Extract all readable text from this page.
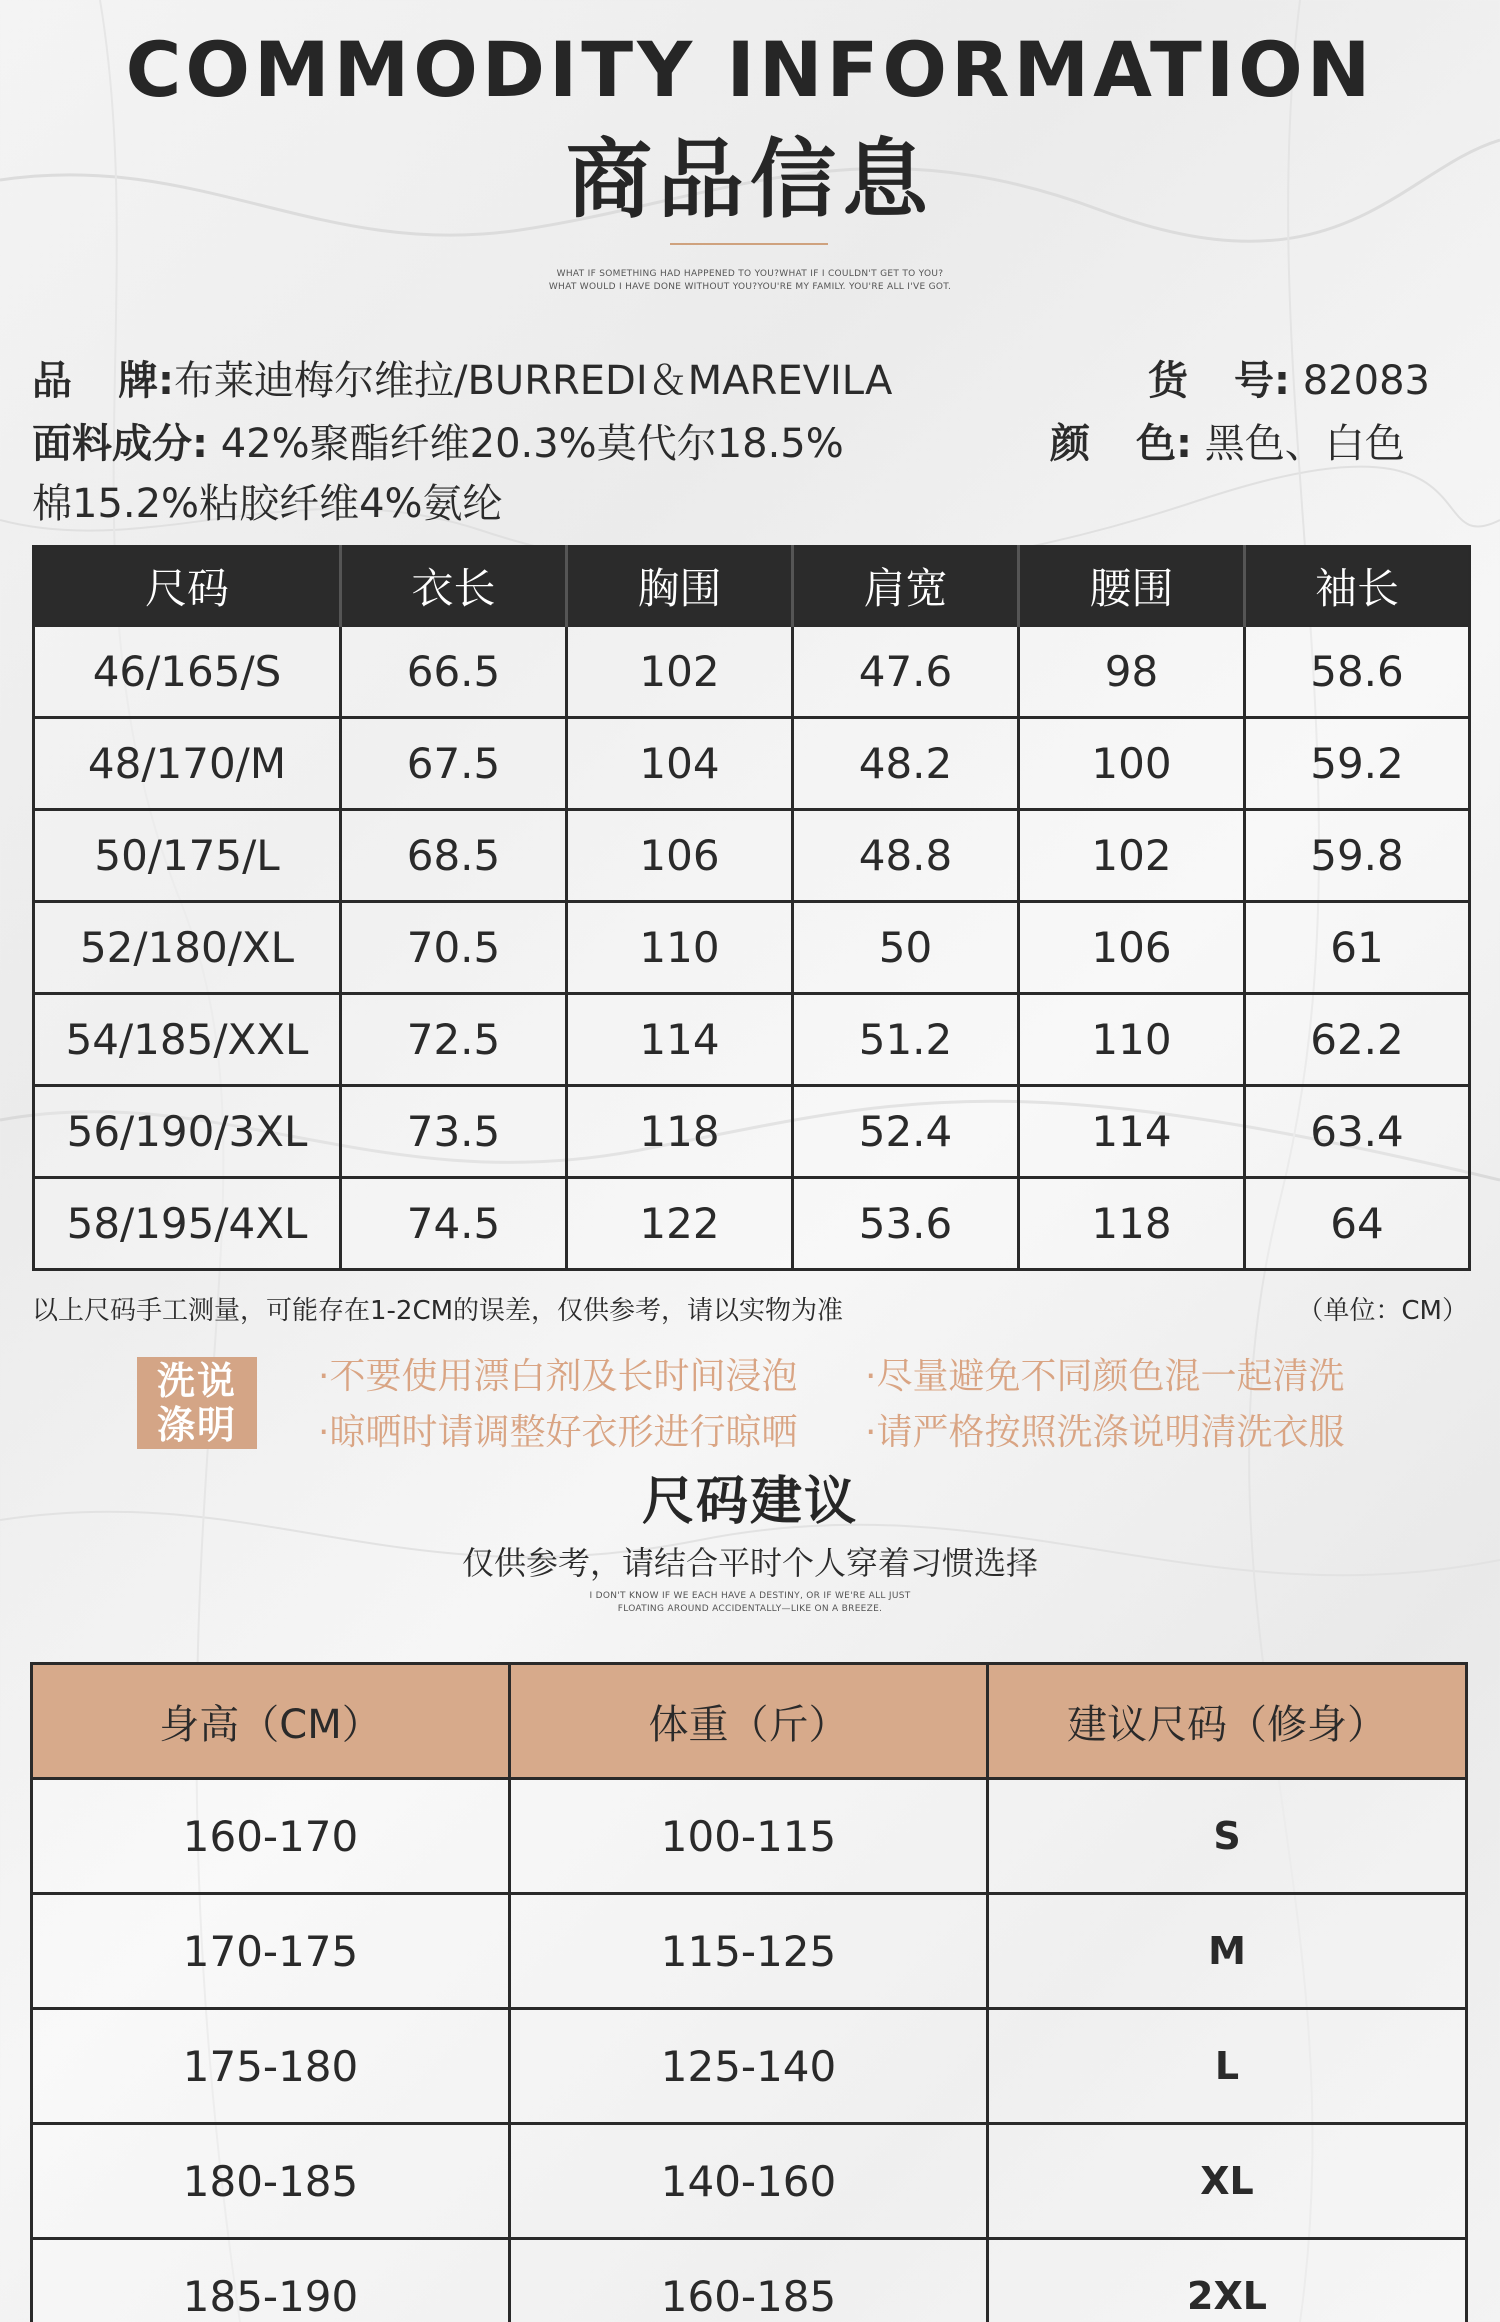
COMMODITY INFORMATION
商品信息
WHAT IF SOMETHING HAD HAPPENED TO YOU?WHAT IF I COULDN'T GET TO YOU?
WHAT WOULD I HAVE DONE WITHOUT YOU?YOU'RE MY FAMILY. YOU'RE ALL I'VE GOT.
品 牌:布莱迪梅尔维拉/BURREDI＆MAREVILA	货 号: 82083
面料成分: 42%聚酯纤维20.3%莫代尔18.5%
棉15.2%粘胶纤维4%氨纶
颜 色: 黑色、白色
尺码	衣长	胸围	肩宽	腰围	袖长
46/165/S	66.5	102	47.6	98	58.6
48/170/M	67.5	104	48.2	100	59.2
50/175/L	68.5	106	48.8	102	59.8
52/180/XL	70.5	110	50	106	61
54/185/XXL	72.5	114	51.2	110	62.2
56/190/3XL	73.5	118	52.4	114	63.4
58/195/4XL	74.5	122	53.6	118	64
以上尺码手工测量，可能存在1-2CM的误差，仅供参考，请以实物为准	（单位：CM）
洗说
涤明
·不要使用漂白剂及长时间浸泡 ·尽量避免不同颜色混一起清洗
·晾晒时请调整好衣形进行晾晒 ·请严格按照洗涤说明清洗衣服
尺码建议
仅供参考，请结合平时个人穿着习惯选择
I DON'T KNOW IF WE EACH HAVE A DESTINY, OR IF WE'RE ALL JUST
FLOATING AROUND ACCIDENTALLY—LIKE ON A BREEZE.
身高（CM）	体重（斤）	建议尺码（修身）
160-170	100-115	S
170-175	115-125	M
175-180	125-140	L
180-185	140-160	XL
185-190	160-185	2XL
